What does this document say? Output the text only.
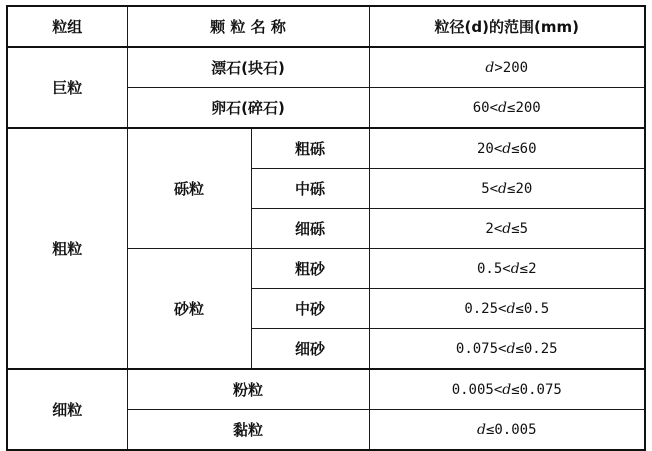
粒组	颗 粒 名 称		粒径(d)的范围(mm)
巨粒	漂石(块石)		d>200
	卵石(碎石)		60<d≤200
粗粒	砾粒	粗砾	20<d≤60
		中砾	5<d≤20
		细砾	2<d≤5
	砂粒	粗砂	0.5<d≤2
		中砂	0.25<d≤0.5
		细砂	0.075<d≤0.25
细粒	粉粒		0.005<d≤0.075
	黏粒		d≤0.005
